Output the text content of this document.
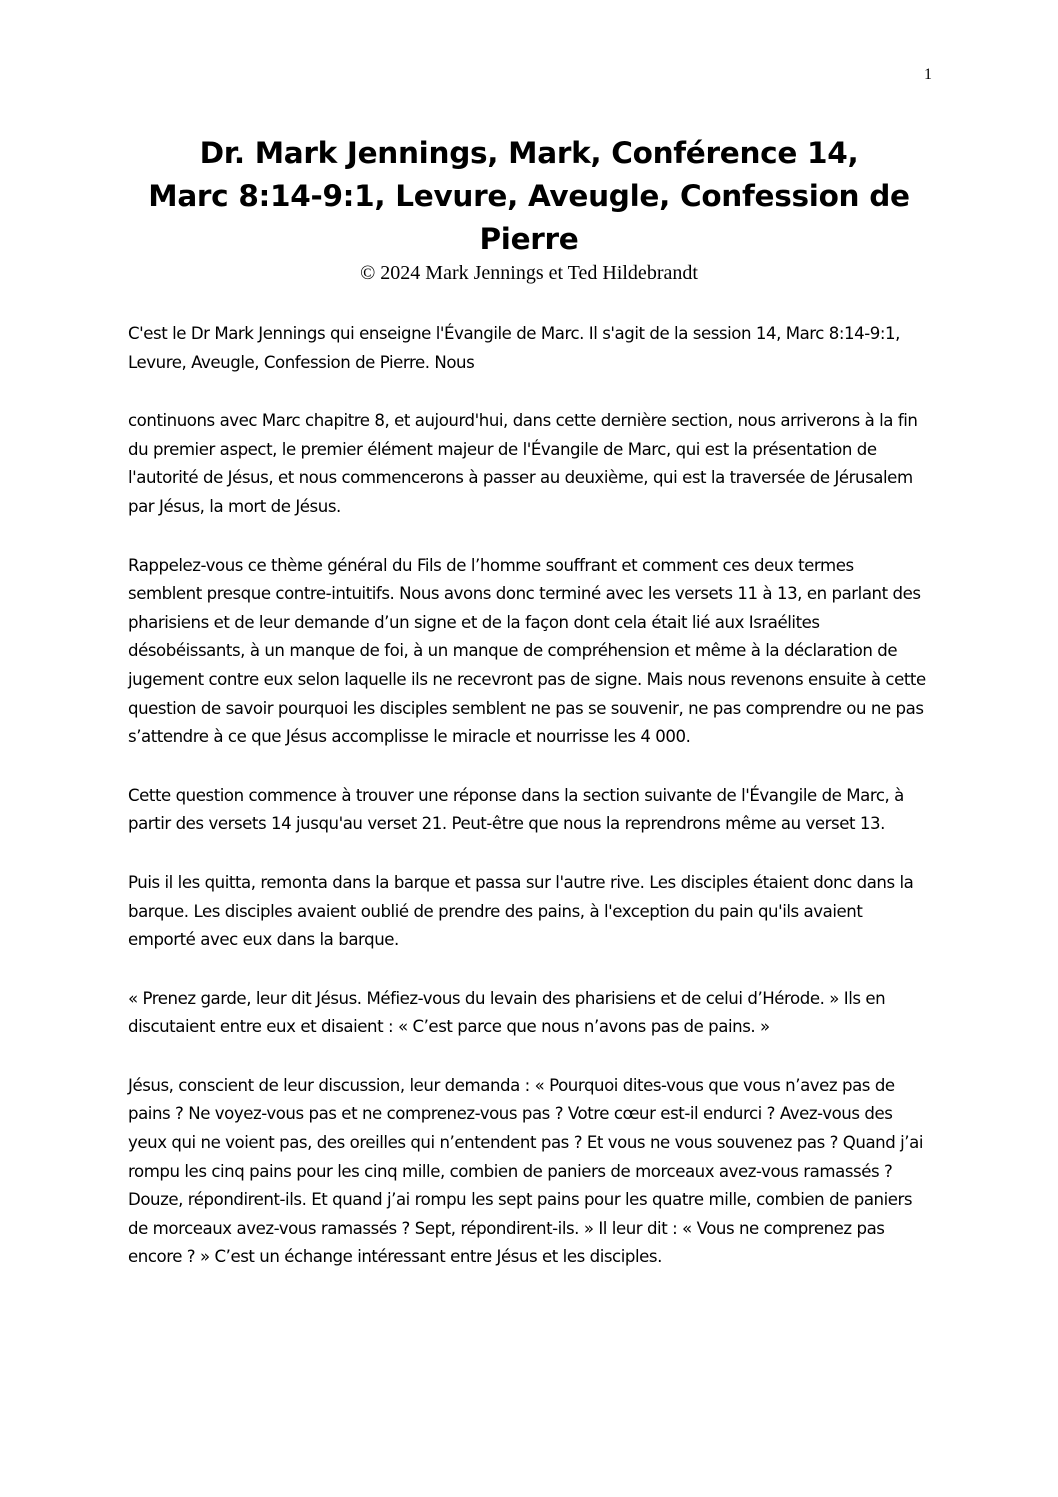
1
Dr. Mark Jennings, Mark, Conférence 14,
Marc 8:14-9:1, Levure, Aveugle, Confession de
Pierre

© 2024 Mark Jennings et Ted Hildebrandt

C'est le Dr Mark Jennings qui enseigne l'Évangile de Marc. Il s'agit de la session 14, Marc 8:14-9:1, Levure, Aveugle, Confession de Pierre. Nous

continuons avec Marc chapitre 8, et aujourd'hui, dans cette dernière section, nous arriverons à la fin du premier aspect, le premier élément majeur de l'Évangile de Marc, qui est la présentation de l'autorité de Jésus, et nous commencerons à passer au deuxième, qui est la traversée de Jérusalem par Jésus, la mort de Jésus.

Rappelez-vous ce thème général du Fils de l’homme souffrant et comment ces deux termes semblent presque contre-intuitifs. Nous avons donc terminé avec les versets 11 à 13, en parlant des pharisiens et de leur demande d’un signe et de la façon dont cela était lié aux Israélites désobéissants, à un manque de foi, à un manque de compréhension et même à la déclaration de jugement contre eux selon laquelle ils ne recevront pas de signe. Mais nous revenons ensuite à cette question de savoir pourquoi les disciples semblent ne pas se souvenir, ne pas comprendre ou ne pas s’attendre à ce que Jésus accomplisse le miracle et nourrisse les 4 000.

Cette question commence à trouver une réponse dans la section suivante de l'Évangile de Marc, à partir des versets 14 jusqu'au verset 21. Peut-être que nous la reprendrons même au verset 13.

Puis il les quitta, remonta dans la barque et passa sur l'autre rive. Les disciples étaient donc dans la barque. Les disciples avaient oublié de prendre des pains, à l'exception du pain qu'ils avaient emporté avec eux dans la barque.

« Prenez garde, leur dit Jésus. Méfiez-vous du levain des pharisiens et de celui d’Hérode. » Ils en discutaient entre eux et disaient : « C’est parce que nous n’avons pas de pains. »

Jésus, conscient de leur discussion, leur demanda : « Pourquoi dites-vous que vous n’avez pas de pains ? Ne voyez-vous pas et ne comprenez-vous pas ? Votre cœur est-il endurci ? Avez-vous des yeux qui ne voient pas, des oreilles qui n’entendent pas ? Et vous ne vous souvenez pas ? Quand j’ai rompu les cinq pains pour les cinq mille, combien de paniers de morceaux avez-vous ramassés ? Douze, répondirent-ils. Et quand j’ai rompu les sept pains pour les quatre mille, combien de paniers de morceaux avez-vous ramassés ? Sept, répondirent-ils. » Il leur dit : « Vous ne comprenez pas encore ? » C’est un échange intéressant entre Jésus et les disciples.
